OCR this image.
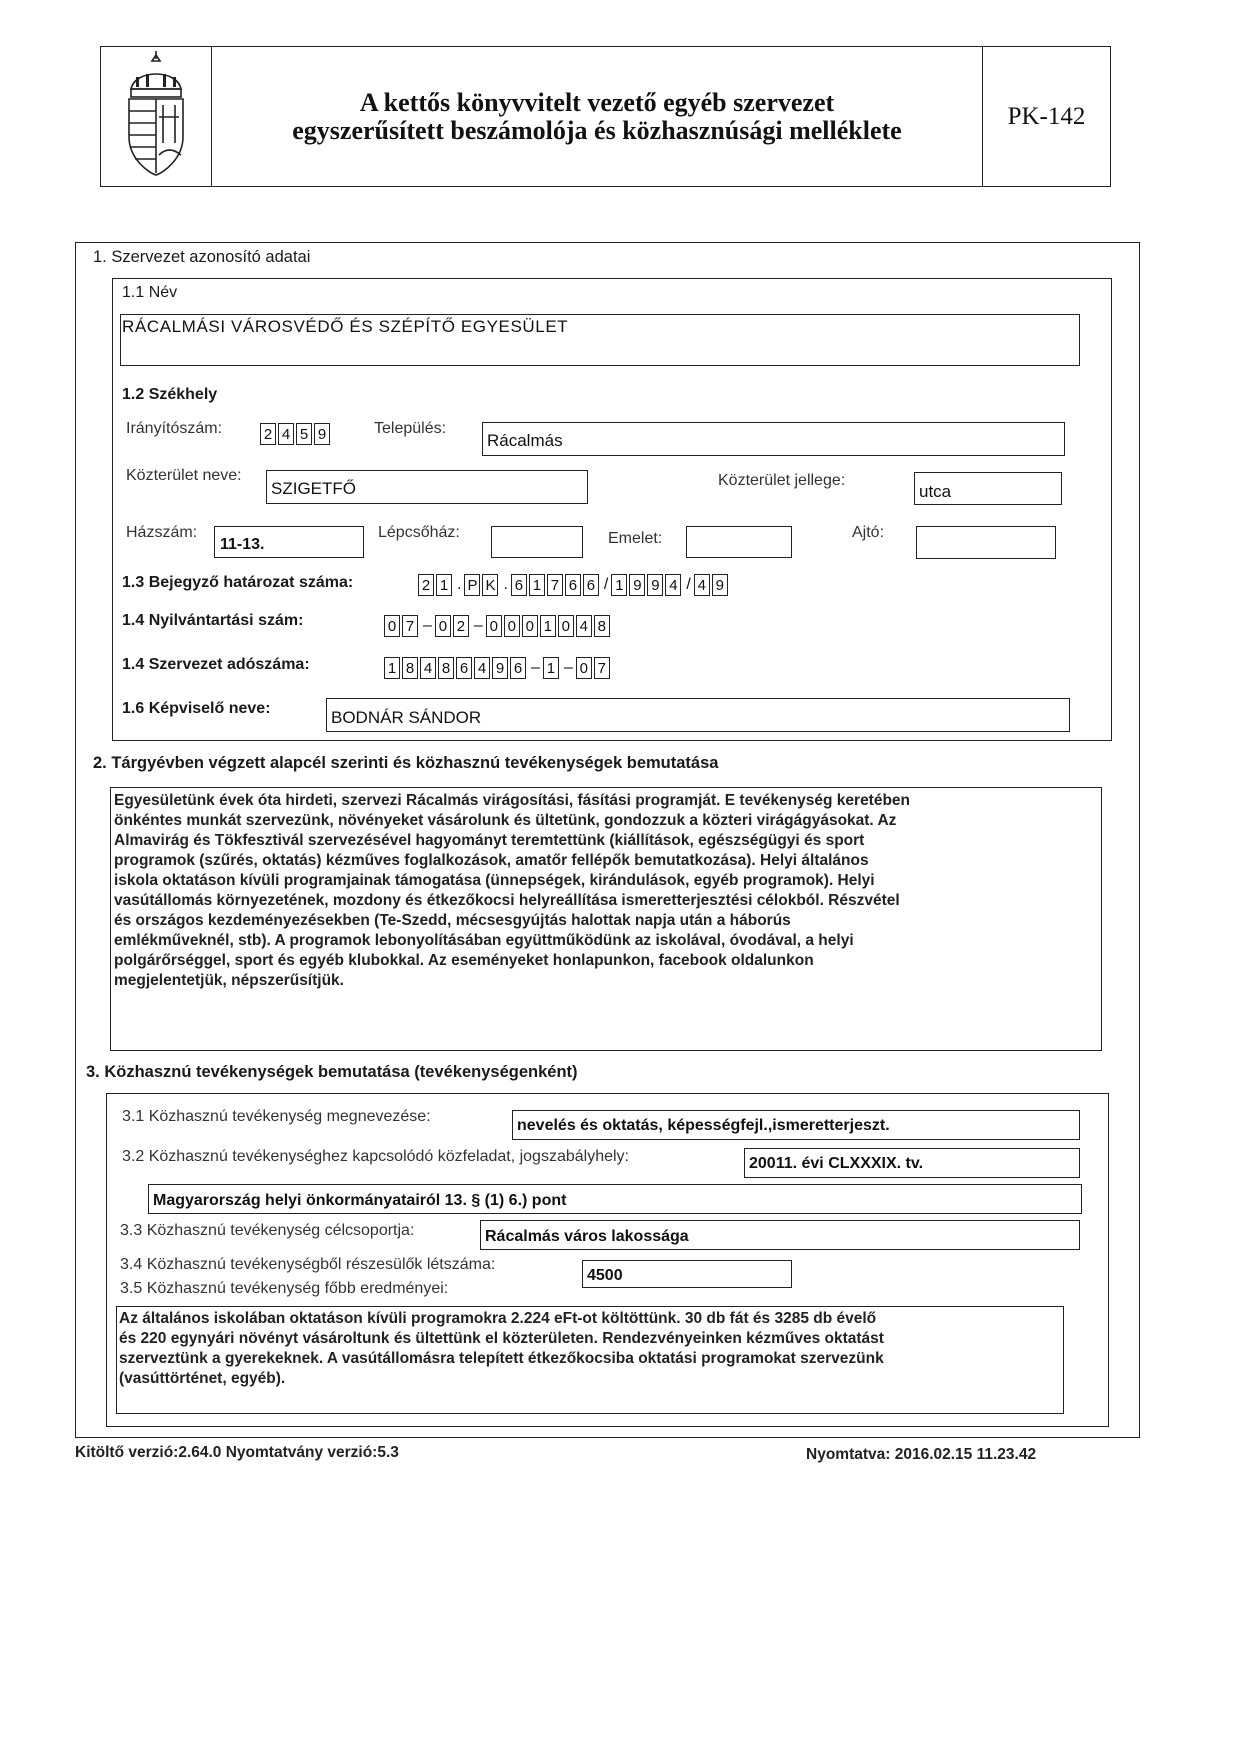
A kettős könyvvitelt vezető egyéb szervezet
egyszerűsített beszámolója és közhasznúsági melléklete	PK-142
1. Szervezet azonosító adatai
1.1 Név
RÁCALMÁSI VÁROSVÉDŐ ÉS SZÉPÍTŐ EGYESÜLET
1.2 Székhely
Irányítószám:	2 4 5 9	Település:
Rácalmás
Közterület neve:
SZIGETFŐ	Közterület jellege:
utca
Házszám:
11-13.
Lépcsőház:	Emelet:	Ajtó:
1.3 Bejegyző határozat száma:	2 1 . P K . 6 1 7 6 6 / 1 9 9 4 / 4 9
1.4 Nyilvántartási szám:	0 7 – 0 2 – 0 0 0 1 0 4 8
1.4 Szervezet adószáma:	1 8 4 8 6 4 9 6 – 1 – 0 7
1.6 Képviselő neve:	BODNÁR SÁNDOR
2. Tárgyévben végzett alapcél szerinti és közhasznú tevékenységek bemutatása
Egyesületünk évek óta hirdeti, szervezi Rácalmás virágosítási, fásítási programját. E tevékenység keretében
önkéntes munkát szervezünk, növényeket vásárolunk és ültetünk, gondozzuk a közteri virágágyásokat. Az
Almavirág és Tökfesztivál szervezésével hagyományt teremtettünk (kiállítások, egészségügyi és sport
programok (szűrés, oktatás) kézműves foglalkozások, amatőr fellépők bemutatkozása). Helyi általános
iskola oktatáson kívüli programjainak támogatása (ünnepségek, kirándulások, egyéb programok). Helyi
vasútállomás környezetének, mozdony és étkezőkocsi helyreállítása ismeretterjesztési célokból. Részvétel
és országos kezdeményezésekben (Te-Szedd, mécsesgyújtás halottak napja után a háborús
emlékműveknél, stb). A programok lebonyolításában együttműködünk az iskolával, óvodával, a helyi
polgárőrséggel, sport és egyéb klubokkal. Az eseményeket honlapunkon, facebook oldalunkon
megjelentetjük, népszerűsítjük.
3. Közhasznú tevékenységek bemutatása (tevékenységenként)
3.1 Közhasznú tevékenység megnevezése:
nevelés és oktatás, képességfejl.,ismeretterjeszt.
3.2 Közhasznú tevékenységhez kapcsolódó közfeladat, jogszabályhely:	20011. évi CLXXXIX. tv.
Magyarország helyi önkormányatairól 13. § (1) 6.) pont
3.3 Közhasznú tevékenység célcsoportja:	Rácalmás város lakossága
3.4 Közhasznú tevékenységből részesülők létszáma:
4500
3.5 Közhasznú tevékenység főbb eredményei:
Az általános iskolában oktatáson kívüli programokra 2.224 eFt-ot költöttünk. 30 db fát és 3285 db évelő
és 220 egynyári növényt vásároltunk és ültettünk el közterületen. Rendezvényeinken kézműves oktatást
szerveztünk a gyerekeknek. A vasútállomásra telepített étkezőkocsiba oktatási programokat szervezünk
(vasúttörténet, egyéb).
Kitöltő verzió:2.64.0 Nyomtatvány verzió:5.3	Nyomtatva: 2016.02.15 11.23.42
